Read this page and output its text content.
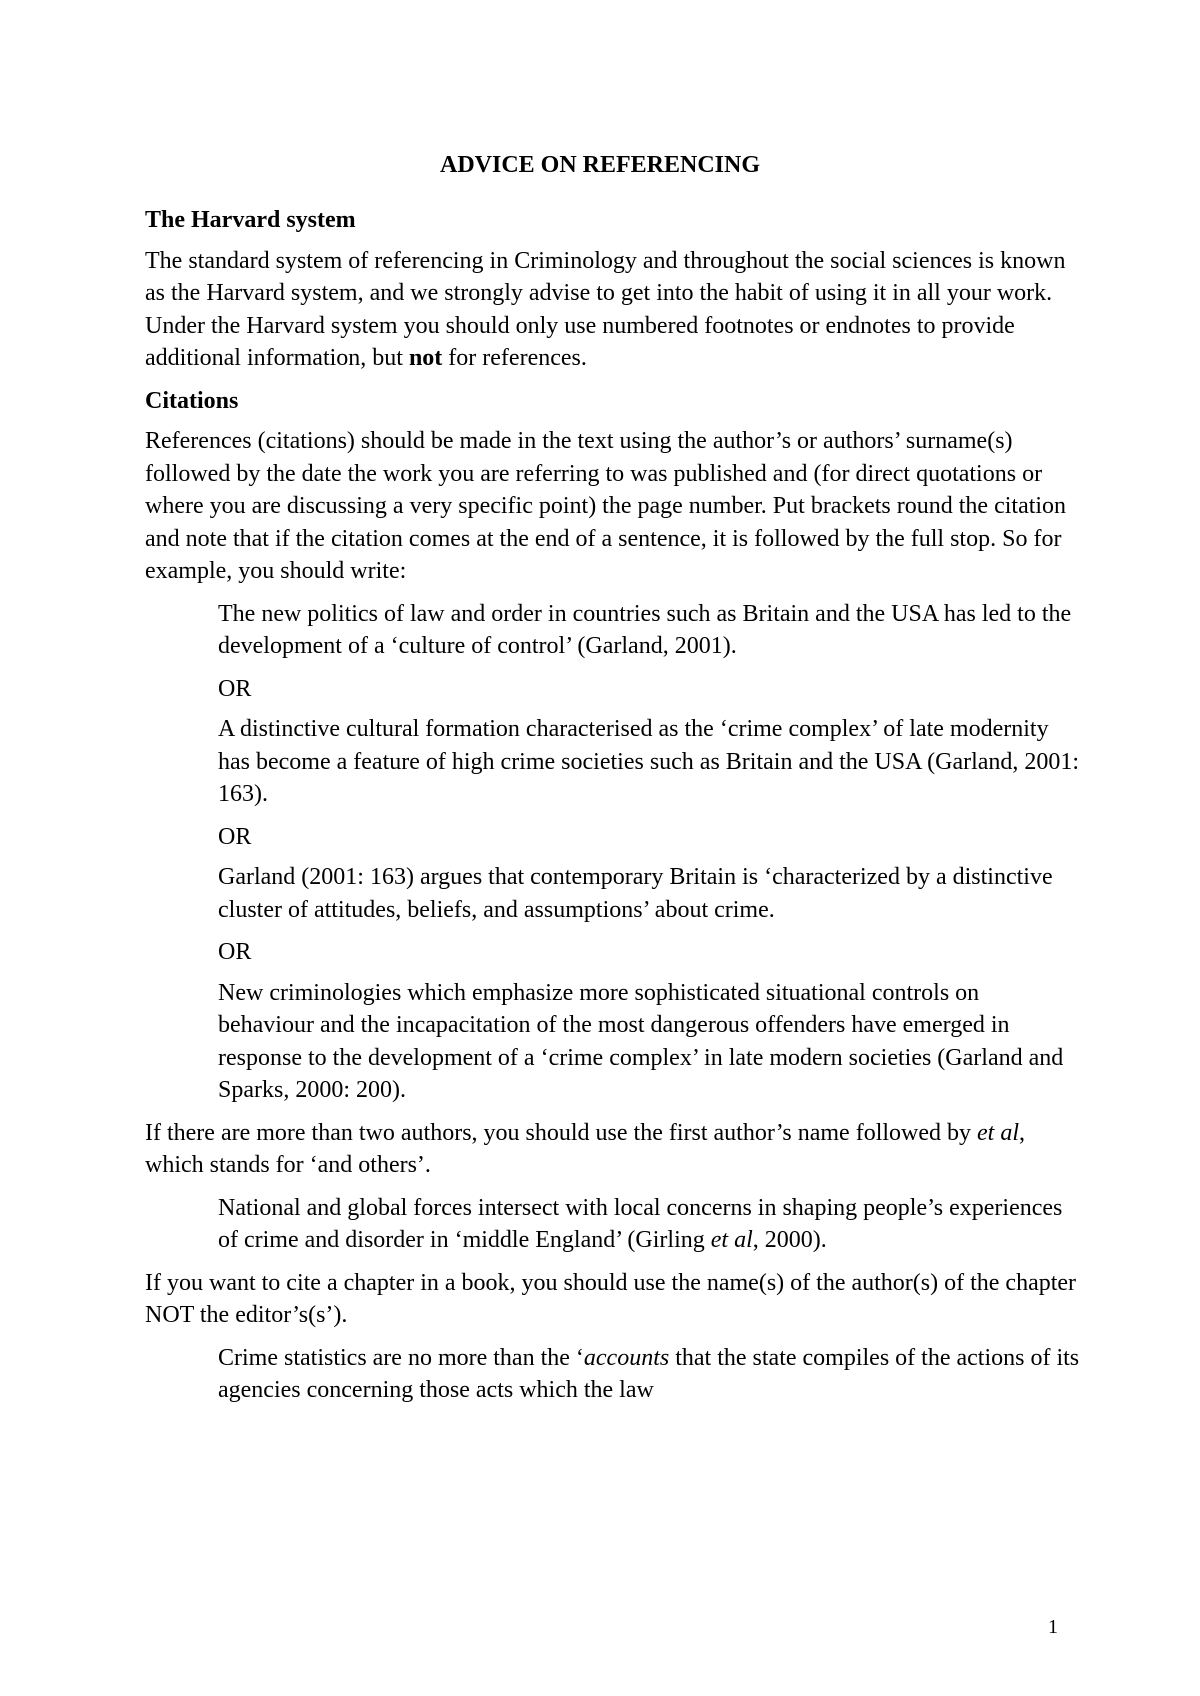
ADVICE ON REFERENCING
The Harvard system

The standard system of referencing in Criminology and throughout the social sciences is known as the Harvard system, and we strongly advise to get into the habit of using it in all your work. Under the Harvard system you should only use numbered footnotes or endnotes to provide additional information, but not for references.

Citations

References (citations) should be made in the text using the author’s or authors’ surname(s) followed by the date the work you are referring to was published and (for direct quotations or where you are discussing a very specific point) the page number. Put brackets round the citation and note that if the citation comes at the end of a sentence, it is followed by the full stop. So for example, you should write:

The new politics of law and order in countries such as Britain and the USA has led to the development of a ‘culture of control’ (Garland, 2001).

OR

A distinctive cultural formation characterised as the ‘crime complex’ of late modernity has become a feature of high crime societies such as Britain and the USA (Garland, 2001: 163).

OR

Garland (2001: 163) argues that contemporary Britain is ‘characterized by a distinctive cluster of attitudes, beliefs, and assumptions’ about crime.

OR

New criminologies which emphasize more sophisticated situational controls on behaviour and the incapacitation of the most dangerous offenders have emerged in response to the development of a ‘crime complex’ in late modern societies (Garland and Sparks, 2000: 200).

If there are more than two authors, you should use the first author’s name followed by et al, which stands for ‘and others’.

National and global forces intersect with local concerns in shaping people’s experiences of crime and disorder in ‘middle England’ (Girling et al, 2000).

If you want to cite a chapter in a book, you should use the name(s) of the author(s) of the chapter NOT the editor’s(s’).

Crime statistics are no more than the ‘accounts that the state compiles of the actions of its agencies concerning those acts which the law

1
